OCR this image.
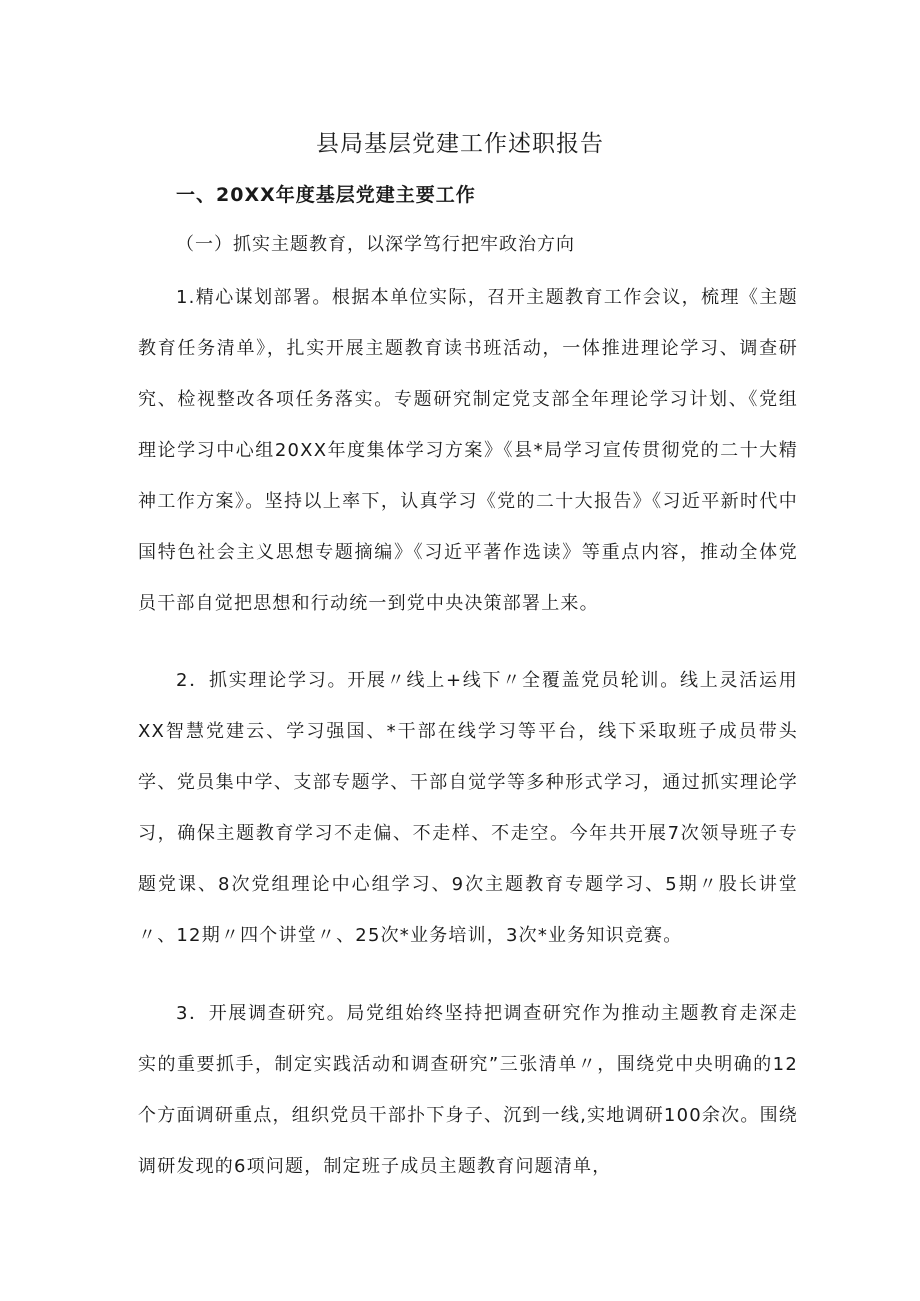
县局基层党建工作述职报告
一、20XX年度基层党建主要工作
（一）抓实主题教育，以深学笃行把牢政治方向

1.精心谋划部署。根据本单位实际，召开主题教育工作会议，梳理《主题教育任务清单》，扎实开展主题教育读书班活动，一体推进理论学习、调查研究、检视整改各项任务落实。专题研究制定党支部全年理论学习计划、《党组理论学习中心组20XX年度集体学习方案》《县*局学习宣传贯彻党的二十大精神工作方案》。坚持以上率下，认真学习《党的二十大报告》《习近平新时代中国特色社会主义思想专题摘编》《习近平著作选读》等重点内容，推动全体党员干部自觉把思想和行动统一到党中央决策部署上来。

2．抓实理论学习。开展〃线上+线下〃全覆盖党员轮训。线上灵活运用XX智慧党建云、学习强国、*干部在线学习等平台，线下采取班子成员带头学、党员集中学、支部专题学、干部自觉学等多种形式学习，通过抓实理论学习，确保主题教育学习不走偏、不走样、不走空。今年共开展7次领导班子专题党课、8次党组理论中心组学习、9次主题教育专题学习、5期〃股长讲堂〃、12期〃四个讲堂〃、25次*业务培训，3次*业务知识竞赛。

3．开展调查研究。局党组始终坚持把调查研究作为推动主题教育走深走实的重要抓手，制定实践活动和调查研究”三张清单〃，围绕党中央明确的12个方面调研重点，组织党员干部扑下身子、沉到一线,实地调研100余次。围绕调研发现的6项问题，制定班子成员主题教育问题清单，
